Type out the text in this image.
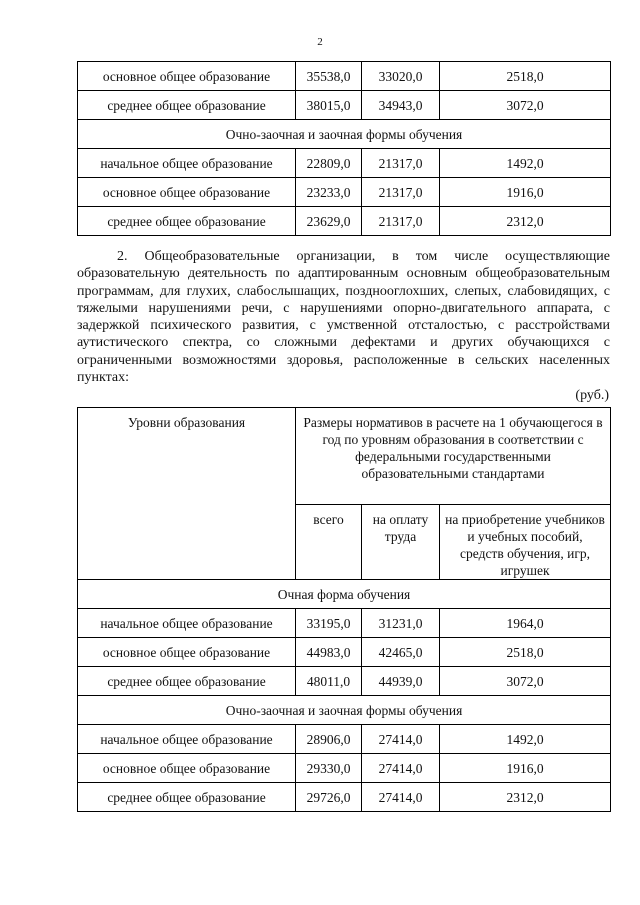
2
основное общее образование	35538,0	33020,0	2518,0
среднее общее образование	38015,0	34943,0	3072,0
Очно-заочная и заочная формы обучения			
начальное общее образование	22809,0	21317,0	1492,0
основное общее образование	23233,0	21317,0	1916,0
среднее общее образование	23629,0	21317,0	2312,0

2. Общеобразовательные организации, в том числе осуществляющие образовательную деятельность по адаптированным основным общеобразовательным программам, для глухих, слабослышащих, позднооглохших, слепых, слабовидящих, с тяжелыми нарушениями речи, с нарушениями опорно-двигательного аппарата, с задержкой психического развития, с умственной отсталостью, с расстройствами аутистического спектра, со сложными дефектами и других обучающихся с ограниченными возможностями здоровья, расположенные в сельских населенных пунктах:

(руб.)
Уровни образования	Размеры нормативов в расчете на 1 обучающегося в год по уровням образования в соответствии с федеральными государственными образовательными стандартами		
	всего	на оплату труда	на приобретение учебников и учебных пособий, средств обучения, игр, игрушек
Очная форма обучения			
начальное общее образование	33195,0	31231,0	1964,0
основное общее образование	44983,0	42465,0	2518,0
среднее общее образование	48011,0	44939,0	3072,0
Очно-заочная и заочная формы обучения			
начальное общее образование	28906,0	27414,0	1492,0
основное общее образование	29330,0	27414,0	1916,0
среднее общее образование	29726,0	27414,0	2312,0
